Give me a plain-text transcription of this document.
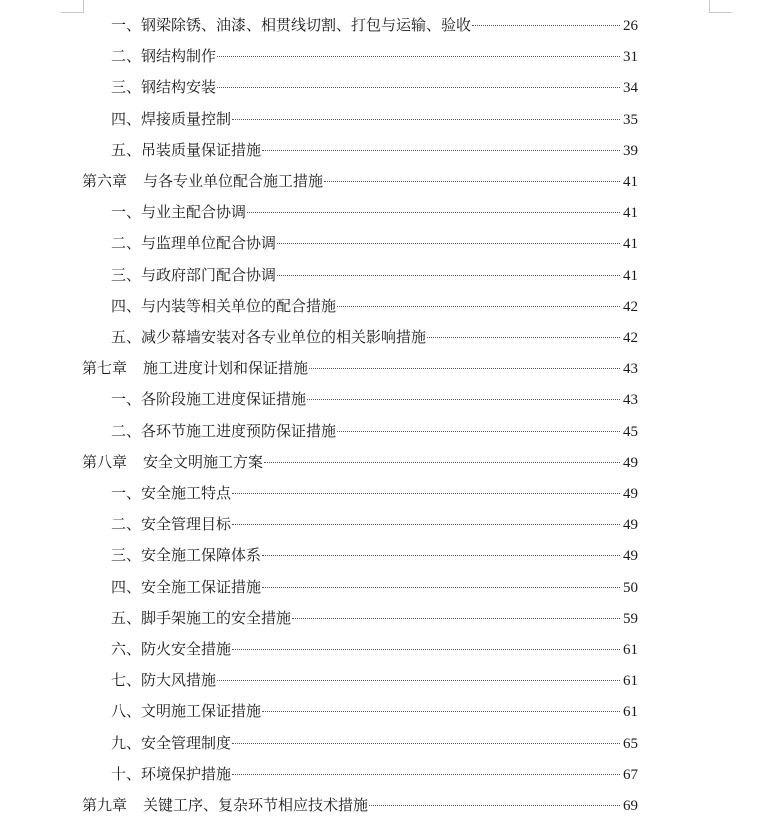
一、钢梁除锈、油漆、相贯线切割、打包与运输、验收	26
二、钢结构制作	31
三、钢结构安装	34
四、焊接质量控制	35
五、吊装质量保证措施	39
第六章 与各专业单位配合施工措施	41
一、与业主配合协调	41
二、与监理单位配合协调	41
三、与政府部门配合协调	41
四、与内装等相关单位的配合措施	42
五、减少幕墙安装对各专业单位的相关影响措施	42
第七章 施工进度计划和保证措施	43
一、各阶段施工进度保证措施	43
二、各环节施工进度预防保证措施	45
第八章 安全文明施工方案	49
一、安全施工特点	49
二、安全管理目标	49
三、安全施工保障体系	49
四、安全施工保证措施	50
五、脚手架施工的安全措施	59
六、防火安全措施	61
七、防大风措施	61
八、文明施工保证措施	61
九、安全管理制度	65
十、环境保护措施	67
第九章 关键工序、复杂环节相应技术措施	69
